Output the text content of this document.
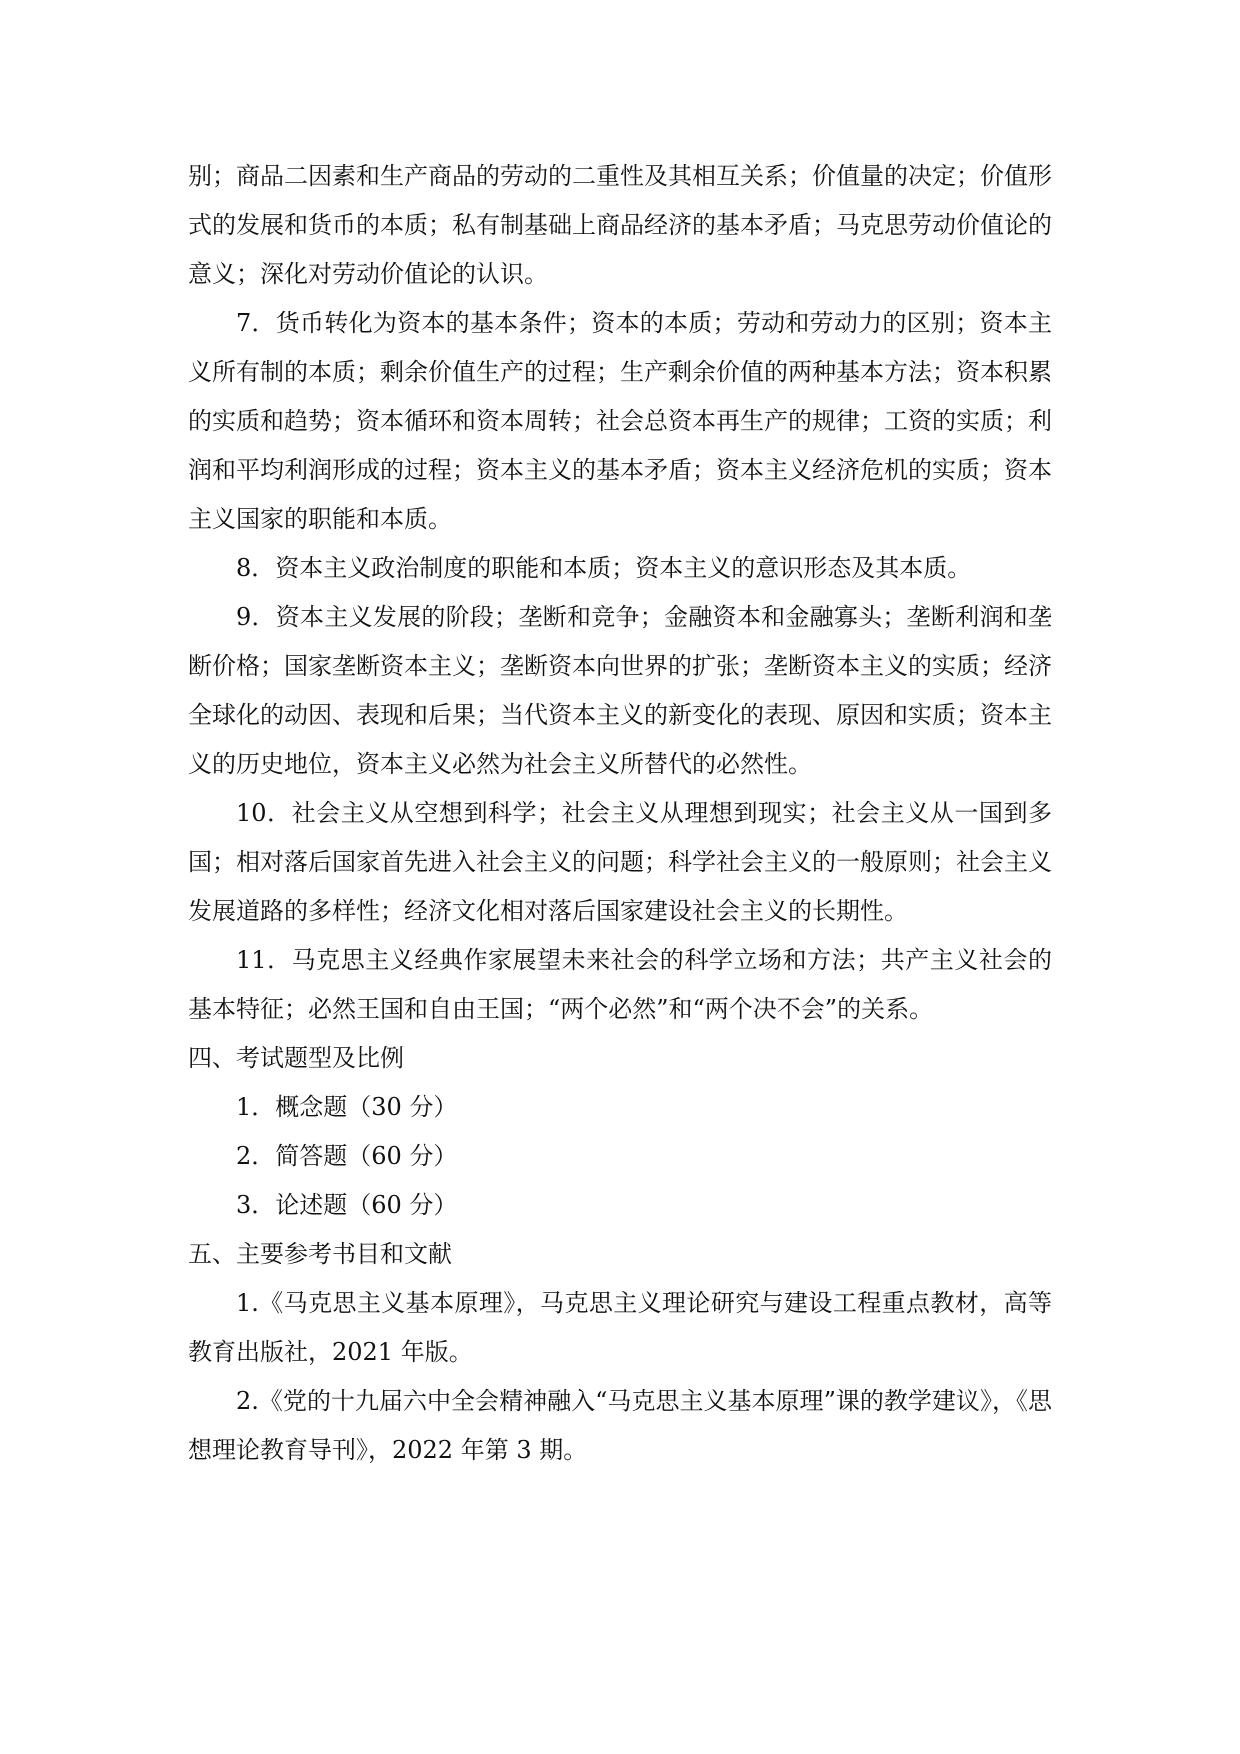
别；商品二因素和生产商品的劳动的二重性及其相互关系；价值量的决定；价值形式的发展和货币的本质；私有制基础上商品经济的基本矛盾；马克思劳动价值论的意义；深化对劳动价值论的认识。

7．货币转化为资本的基本条件；资本的本质；劳动和劳动力的区别；资本主义所有制的本质；剩余价值生产的过程；生产剩余价值的两种基本方法；资本积累的实质和趋势；资本循环和资本周转；社会总资本再生产的规律；工资的实质；利润和平均利润形成的过程；资本主义的基本矛盾；资本主义经济危机的实质；资本主义国家的职能和本质。

8．资本主义政治制度的职能和本质；资本主义的意识形态及其本质。

9．资本主义发展的阶段；垄断和竞争；金融资本和金融寡头；垄断利润和垄断价格；国家垄断资本主义；垄断资本向世界的扩张；垄断资本主义的实质；经济全球化的动因、表现和后果；当代资本主义的新变化的表现、原因和实质；资本主义的历史地位，资本主义必然为社会主义所替代的必然性。

10．社会主义从空想到科学；社会主义从理想到现实；社会主义从一国到多国；相对落后国家首先进入社会主义的问题；科学社会主义的一般原则；社会主义发展道路的多样性；经济文化相对落后国家建设社会主义的长期性。

11．马克思主义经典作家展望未来社会的科学立场和方法；共产主义社会的基本特征；必然王国和自由王国；“两个必然”和“两个决不会”的关系。

四、考试题型及比例

1．概念题（30 分）

2．简答题（60 分）

3．论述题（60 分）

五、主要参考书目和文献

1.《马克思主义基本原理》，马克思主义理论研究与建设工程重点教材，高等教育出版社，2021 年版。

2.《党的十九届六中全会精神融入“马克思主义基本原理”课的教学建议》，《思想理论教育导刊》，2022 年第 3 期。
